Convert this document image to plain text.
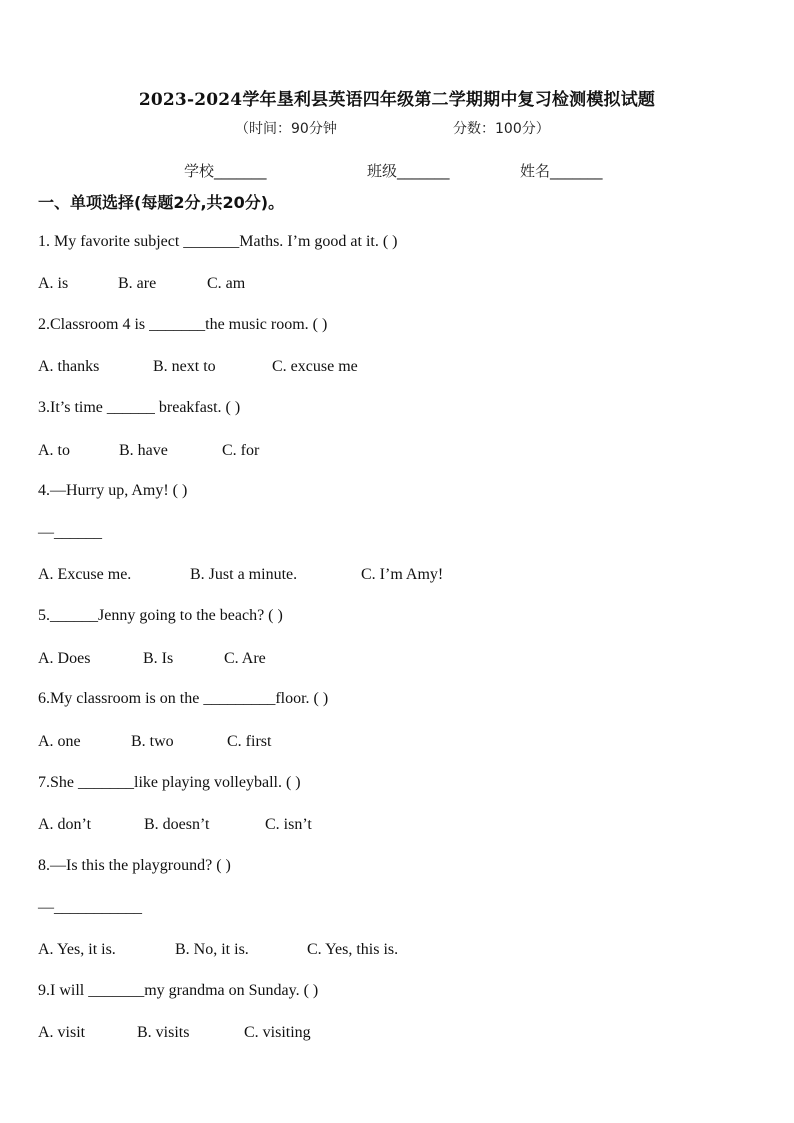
2023-2024学年垦利县英语四年级第二学期期中复习检测模拟试题
（时间：90分钟	分数：100分）
学校_______	班级_______	姓名_______
一、单项选择(每题2分,共20分)。
1. My favorite subject _______Maths. I’m good at it. ( )
A. is	B. are	C. am
2.Classroom 4 is _______the music room. ( )
A. thanks	B. next to	C. excuse me
3.It’s time ______ breakfast. ( )
A. to	B. have	C. for
4.—Hurry up, Amy! ( )
—______
A. Excuse me.	B. Just a minute.	C. I’m Amy!
5.______Jenny going to the beach? ( )
A. Does	B. Is	C. Are
6.My classroom is on the _________floor. ( )
A. one	B. two	C. first
7.She _______like playing volleyball. ( )
A. don’t	B. doesn’t	C. isn’t
8.—Is this the playground? ( )
—___________
A. Yes, it is.	B. No, it is.	C. Yes, this is.
9.I will _______my grandma on Sunday. ( )
A. visit	B. visits	C. visiting
